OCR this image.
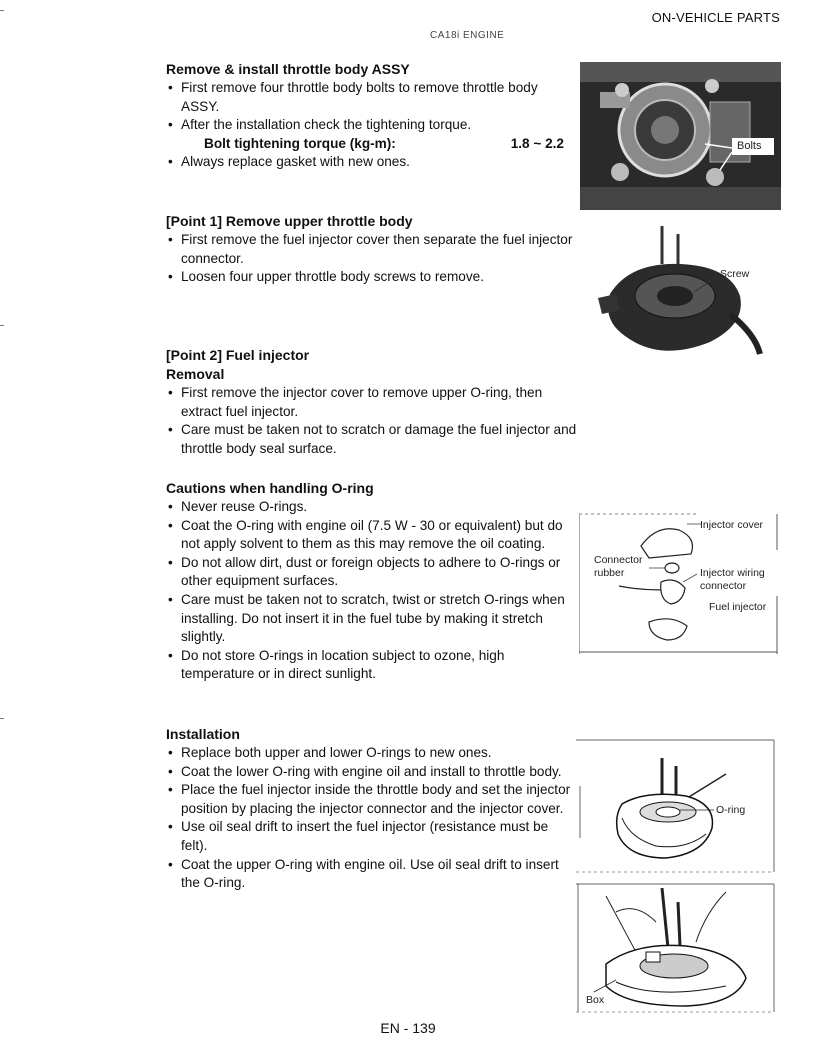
ON-VEHICLE PARTS
CA18i ENGINE
Remove & install throttle body ASSY
• First remove four throttle body bolts to remove throttle body ASSY.
• After the installation check the tightening torque.
Bolt tightening torque (kg-m):	1.8 ~ 2.2
• Always replace gasket with new ones.
[Point 1] Remove upper throttle body
• First remove the fuel injector cover then separate the fuel injector connector.
• Loosen four upper throttle body screws to remove.
[Point 2] Fuel injector
Removal
• First remove the injector cover to remove upper O-ring, then extract fuel injector.
• Care must be taken not to scratch or damage the fuel injector and throttle body seal surface.
Cautions when handling O-ring
• Never reuse O-rings.
• Coat the O-ring with engine oil (7.5 W - 30 or equivalent) but do not apply solvent to them as this may remove the oil coating.
• Do not allow dirt, dust or foreign objects to adhere to O-rings or other equipment surfaces.
• Care must be taken not to scratch, twist or stretch O-rings when installing. Do not insert it in the fuel tube by making it stretch slightly.
• Do not store O-rings in location subject to ozone, high temperature or in direct sunlight.
Installation
• Replace both upper and lower O-rings to new ones.
• Coat the lower O-ring with engine oil and install to throttle body.
• Place the fuel injector inside the throttle body and set the injector position by placing the injector connector and the injector cover.
• Use oil seal drift to insert the fuel injector (resistance must be felt).
• Coat the upper O-ring with engine oil. Use oil seal drift to insert the O-ring.
Bolts
Screw
Injector cover
Connector
rubber	Injector wiring
connector
Fuel injector
O-ring
Box
EN - 139
